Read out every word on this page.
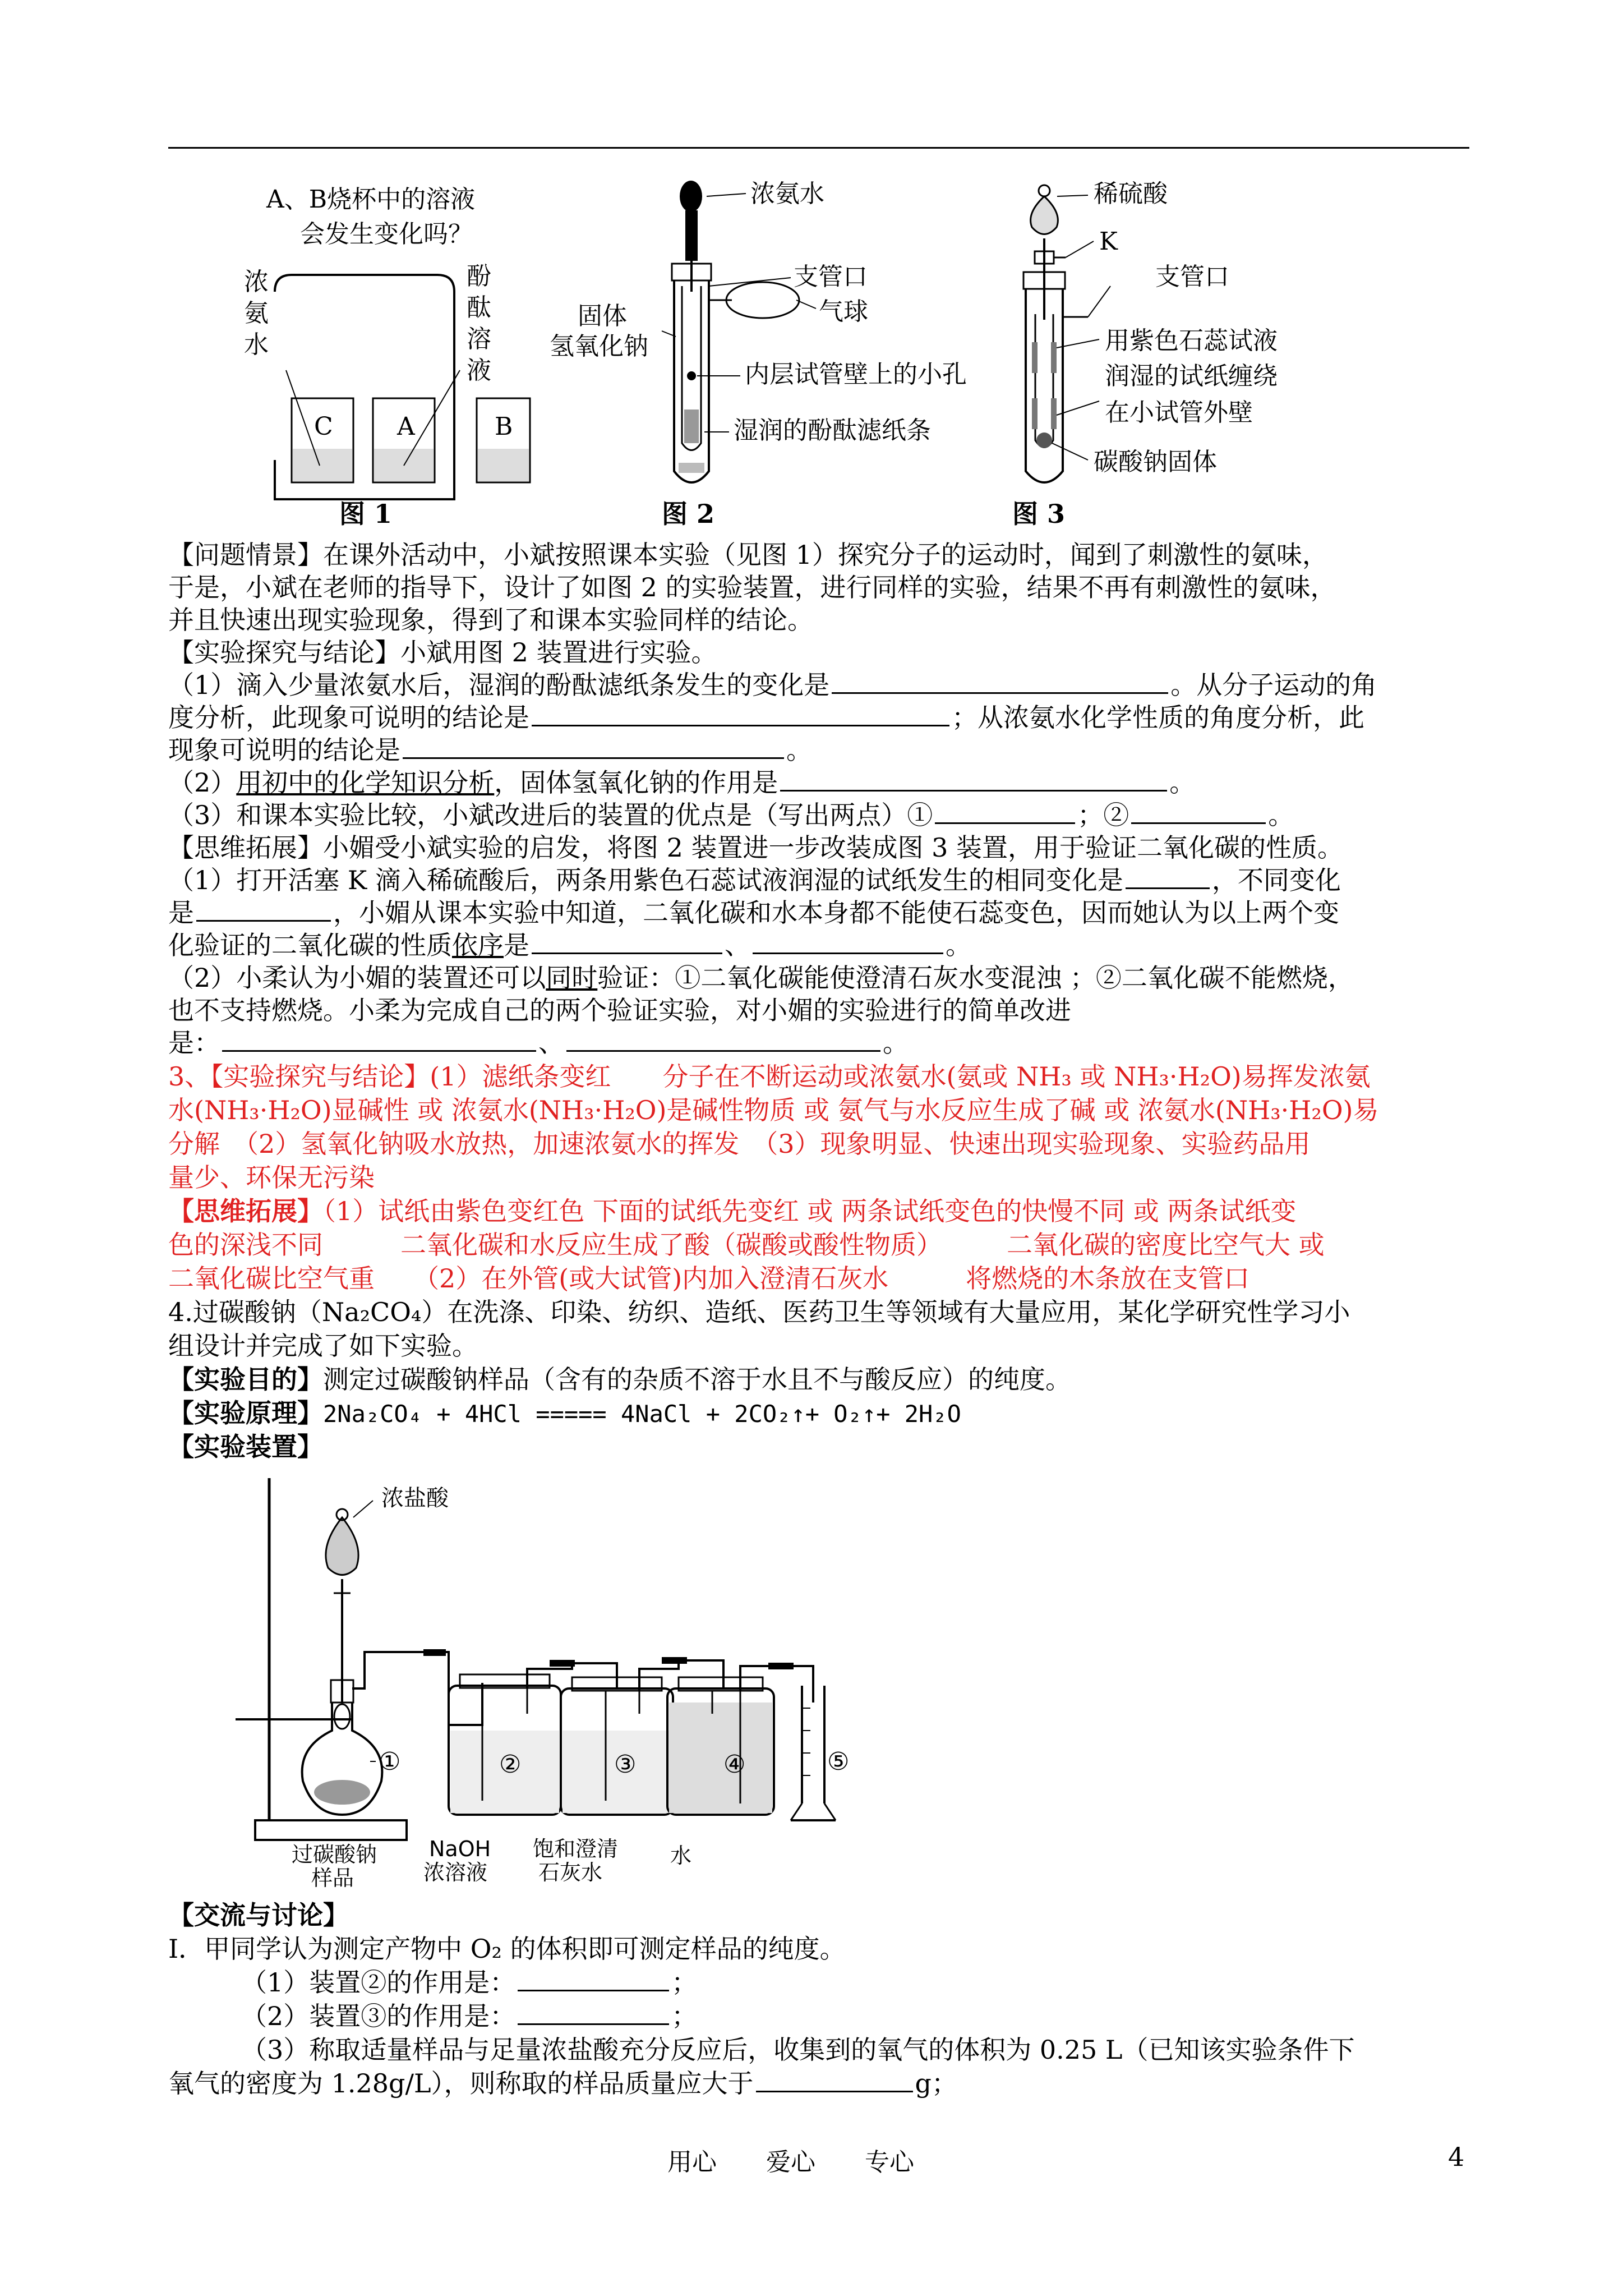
A、B烧杯中的溶液
会发生变化吗？
浓氨水
酚酞溶液
C	A	B
图 1
浓氨水
支管口
固体
氢氧化钠
气球
内层试管壁上的小孔
湿润的酚酞滤纸条
图 2
稀硫酸
K
支管口
用紫色石蕊试液
润湿的试纸缠绕
在小试管外壁
碳酸钠固体
图 3
【问题情景】在课外活动中，小斌按照课本实验（见图 1）探究分子的运动时，闻到了刺激性的氨味，
于是，小斌在老师的指导下，设计了如图 2 的实验装置，进行同样的实验，结果不再有刺激性的氨味，
并且快速出现实验现象，得到了和课本实验同样的结论。
【实验探究与结论】小斌用图 2 装置进行实验。
（1）滴入少量浓氨水后，湿润的酚酞滤纸条发生的变化是	。从分子运动的角
度分析，此现象可说明的结论是	；从浓氨水化学性质的角度分析，此
现象可说明的结论是	。
（2）用初中的化学知识分析，固体氢氧化钠的作用是	。
（3）和课本实验比较，小斌改进后的装置的优点是（写出两点）①	；②	。
【思维拓展】小媚受小斌实验的启发，将图 2 装置进一步改装成图 3 装置，用于验证二氧化碳的性质。
（1）打开活塞 K 滴入稀硫酸后，两条用紫色石蕊试液润湿的试纸发生的相同变化是	，不同变化
是	，小媚从课本实验中知道，二氧化碳和水本身都不能使石蕊变色，因而她认为以上两个变
化验证的二氧化碳的性质依序是	、	。
（2）小柔认为小媚的装置还可以同时验证：①二氧化碳能使澄清石灰水变混浊 ；②二氧化碳不能燃烧，
也不支持燃烧。小柔为完成自己的两个验证实验，对小媚的实验进行的简单改进
是：	、	。
3、【实验探究与结论】(1）滤纸条变红　　分子在不断运动或浓氨水(氨或 NH₃ 或 NH₃·H₂O)易挥发浓氨
水(NH₃·H₂O)显碱性 或 浓氨水(NH₃·H₂O)是碱性物质 或 氨气与水反应生成了碱 或 浓氨水(NH₃·H₂O)易
分解　（2）氢氧化钠吸水放热，加速浓氨水的挥发　（3）现象明显、快速出现实验现象、实验药品用
量少、环保无污染
【思维拓展】（1）试纸由紫色变红色 下面的试纸先变红 或 两条试纸变色的快慢不同 或 两条试纸变
色的深浅不同　　　二氧化碳和水反应生成了酸（碳酸或酸性物质）　　　二氧化碳的密度比空气大 或
二氧化碳比空气重　　（2）在外管(或大试管)内加入澄清石灰水　　　将燃烧的木条放在支管口
4.过碳酸钠（Na₂CO₄）在洗涤、印染、纺织、造纸、医药卫生等领域有大量应用，某化学研究性学习小
组设计并完成了如下实验。
【实验目的】测定过碳酸钠样品（含有的杂质不溶于水且不与酸反应）的纯度。
【实验原理】2Na₂CO₄ + 4HCl ===== 4NaCl + 2CO₂↑+ O₂↑+ 2H₂O
【实验装置】
浓盐酸
①	②	③	④	⑤
过碳酸钠
样品
NaOH
浓溶液
饱和澄清
石灰水
水
【交流与讨论】
Ⅰ．甲同学认为测定产物中 O₂ 的体积即可测定样品的纯度。
（1）装置②的作用是：	；
（2）装置③的作用是：	；
（3）称取适量样品与足量浓盐酸充分反应后，收集到的氧气的体积为 0.25 L（已知该实验条件下
氧气的密度为 1.28g/L），则称取的样品质量应大于	g；
用心　　爱心　　专心	4
